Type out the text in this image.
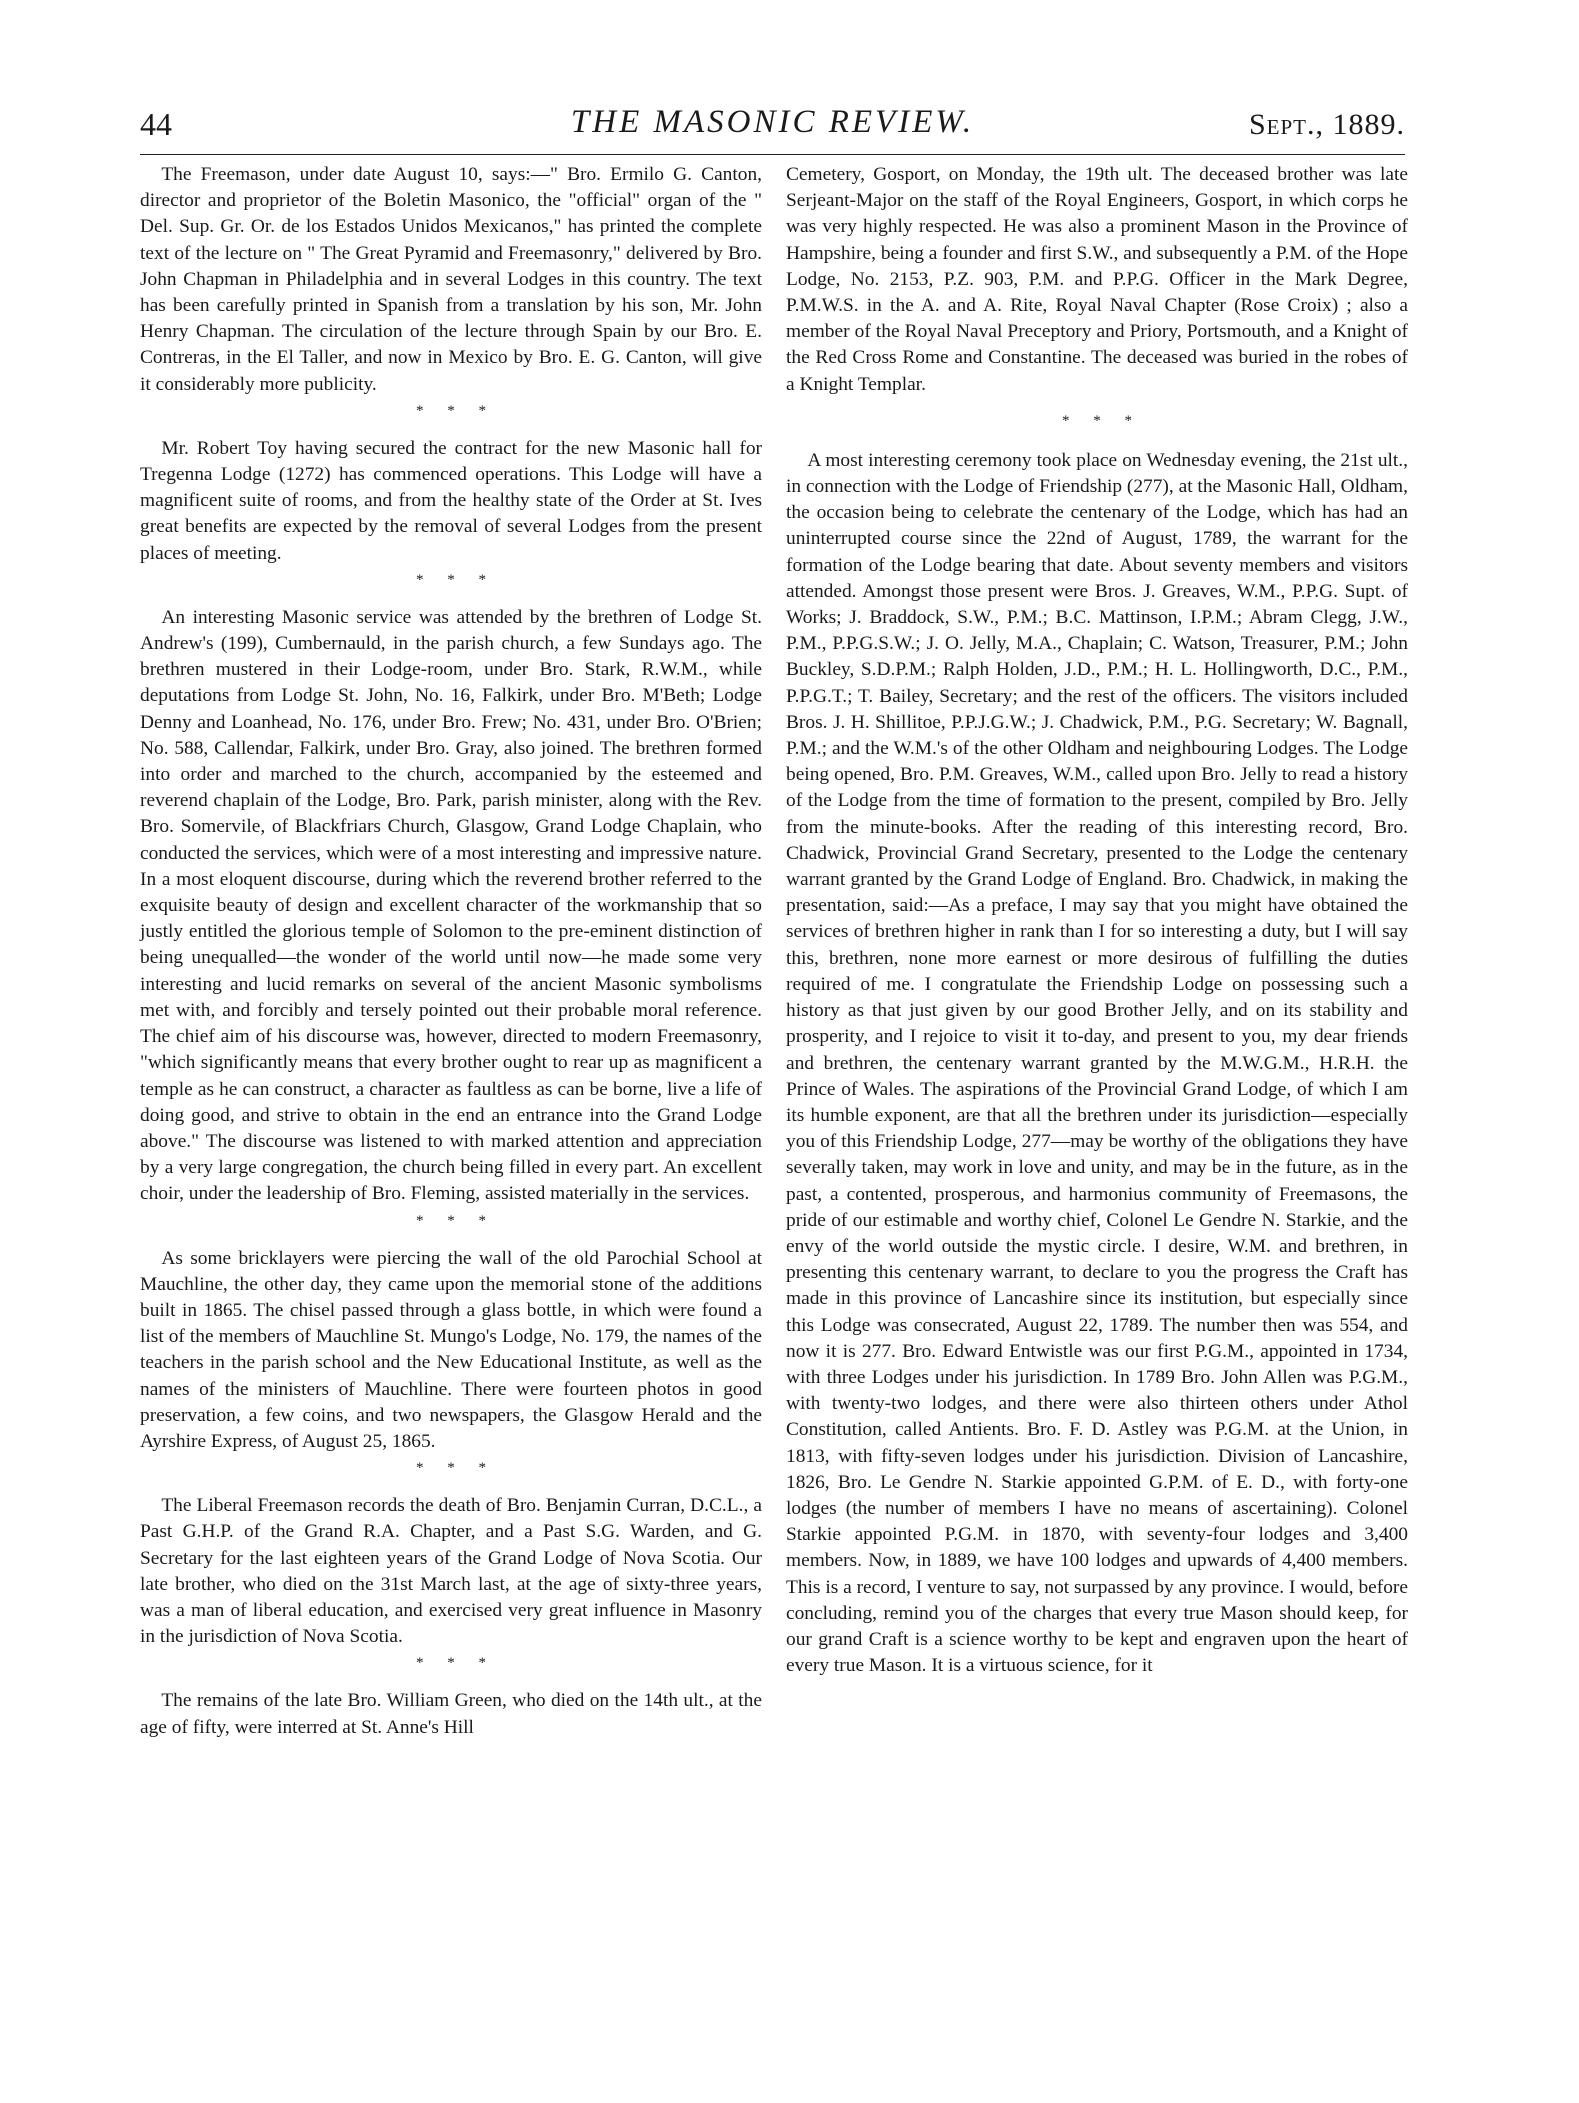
44	THE MASONIC REVIEW.	Sept., 1889.

The Freemason, under date August 10, says:—" Bro. Ermilo G. Canton, director and proprietor of the Boletin Masonico, the "official" organ of the " Del. Sup. Gr. Or. de los Estados Unidos Mexicanos," has printed the complete text of the lecture on " The Great Pyramid and Freemasonry," delivered by Bro. John Chapman in Philadelphia and in several Lodges in this country. The text has been carefully printed in Spanish from a translation by his son, Mr. John Henry Chapman. The circulation of the lecture through Spain by our Bro. E. Contreras, in the El Taller, and now in Mexico by Bro. E. G. Canton, will give it considerably more publicity.

* * *

Mr. Robert Toy having secured the contract for the new Masonic hall for Tregenna Lodge (1272) has commenced operations. This Lodge will have a magnificent suite of rooms, and from the healthy state of the Order at St. Ives great benefits are expected by the removal of several Lodges from the present places of meeting.

* * *

An interesting Masonic service was attended by the brethren of Lodge St. Andrew's (199), Cumbernauld, in the parish church, a few Sundays ago. The brethren mustered in their Lodge-room, under Bro. Stark, R.W.M., while deputations from Lodge St. John, No. 16, Falkirk, under Bro. M'Beth; Lodge Denny and Loanhead, No. 176, under Bro. Frew; No. 431, under Bro. O'Brien; No. 588, Callendar, Falkirk, under Bro. Gray, also joined. The brethren formed into order and marched to the church, accompanied by the esteemed and reverend chaplain of the Lodge, Bro. Park, parish minister, along with the Rev. Bro. Somervile, of Blackfriars Church, Glasgow, Grand Lodge Chaplain, who conducted the services, which were of a most interesting and impressive nature. In a most eloquent discourse, during which the reverend brother referred to the exquisite beauty of design and excellent character of the workmanship that so justly entitled the glorious temple of Solomon to the pre-eminent distinction of being unequalled—the wonder of the world until now—he made some very interesting and lucid remarks on several of the ancient Masonic symbolisms met with, and forcibly and tersely pointed out their probable moral reference. The chief aim of his discourse was, however, directed to modern Freemasonry, "which significantly means that every brother ought to rear up as magnificent a temple as he can construct, a character as faultless as can be borne, live a life of doing good, and strive to obtain in the end an entrance into the Grand Lodge above." The discourse was listened to with marked attention and appreciation by a very large congregation, the church being filled in every part. An excellent choir, under the leadership of Bro. Fleming, assisted materially in the services.

* * *

As some bricklayers were piercing the wall of the old Parochial School at Mauchline, the other day, they came upon the memorial stone of the additions built in 1865. The chisel passed through a glass bottle, in which were found a list of the members of Mauchline St. Mungo's Lodge, No. 179, the names of the teachers in the parish school and the New Educational Institute, as well as the names of the ministers of Mauchline. There were fourteen photos in good preservation, a few coins, and two newspapers, the Glasgow Herald and the Ayrshire Express, of August 25, 1865.

* * *

The Liberal Freemason records the death of Bro. Benjamin Curran, D.C.L., a Past G.H.P. of the Grand R.A. Chapter, and a Past S.G. Warden, and G. Secretary for the last eighteen years of the Grand Lodge of Nova Scotia. Our late brother, who died on the 31st March last, at the age of sixty-three years, was a man of liberal education, and exercised very great influence in Masonry in the jurisdiction of Nova Scotia.

* * *

The remains of the late Bro. William Green, who died on the 14th ult., at the age of fifty, were interred at St. Anne's Hill

Cemetery, Gosport, on Monday, the 19th ult. The deceased brother was late Serjeant-Major on the staff of the Royal Engineers, Gosport, in which corps he was very highly respected. He was also a prominent Mason in the Province of Hampshire, being a founder and first S.W., and subsequently a P.M. of the Hope Lodge, No. 2153, P.Z. 903, P.M. and P.P.G. Officer in the Mark Degree, P.M.W.S. in the A. and A. Rite, Royal Naval Chapter (Rose Croix) ; also a member of the Royal Naval Preceptory and Priory, Portsmouth, and a Knight of the Red Cross Rome and Constantine. The deceased was buried in the robes of a Knight Templar.

* * *

A most interesting ceremony took place on Wednesday evening, the 21st ult., in connection with the Lodge of Friendship (277), at the Masonic Hall, Oldham, the occasion being to celebrate the centenary of the Lodge, which has had an uninterrupted course since the 22nd of August, 1789, the warrant for the formation of the Lodge bearing that date. About seventy members and visitors attended. Amongst those present were Bros. J. Greaves, W.M., P.P.G. Supt. of Works; J. Braddock, S.W., P.M.; B.C. Mattinson, I.P.M.; Abram Clegg, J.W., P.M., P.P.G.S.W.; J. O. Jelly, M.A., Chaplain; C. Watson, Treasurer, P.M.; John Buckley, S.D.P.M.; Ralph Holden, J.D., P.M.; H. L. Hollingworth, D.C., P.M., P.P.G.T.; T. Bailey, Secretary; and the rest of the officers. The visitors included Bros. J. H. Shillitoe, P.P.J.G.W.; J. Chadwick, P.M., P.G. Secretary; W. Bagnall, P.M.; and the W.M.'s of the other Oldham and neighbouring Lodges. The Lodge being opened, Bro. P.M. Greaves, W.M., called upon Bro. Jelly to read a history of the Lodge from the time of formation to the present, compiled by Bro. Jelly from the minute-books. After the reading of this interesting record, Bro. Chadwick, Provincial Grand Secretary, presented to the Lodge the centenary warrant granted by the Grand Lodge of England. Bro. Chadwick, in making the presentation, said:—As a preface, I may say that you might have obtained the services of brethren higher in rank than I for so interesting a duty, but I will say this, brethren, none more earnest or more desirous of fulfilling the duties required of me. I congratulate the Friendship Lodge on possessing such a history as that just given by our good Brother Jelly, and on its stability and prosperity, and I rejoice to visit it to-day, and present to you, my dear friends and brethren, the centenary warrant granted by the M.W.G.M., H.R.H. the Prince of Wales. The aspirations of the Provincial Grand Lodge, of which I am its humble exponent, are that all the brethren under its jurisdiction—especially you of this Friendship Lodge, 277—may be worthy of the obligations they have severally taken, may work in love and unity, and may be in the future, as in the past, a contented, prosperous, and harmonius community of Freemasons, the pride of our estimable and worthy chief, Colonel Le Gendre N. Starkie, and the envy of the world outside the mystic circle. I desire, W.M. and brethren, in presenting this centenary warrant, to declare to you the progress the Craft has made in this province of Lancashire since its institution, but especially since this Lodge was consecrated, August 22, 1789. The number then was 554, and now it is 277. Bro. Edward Entwistle was our first P.G.M., appointed in 1734, with three Lodges under his jurisdiction. In 1789 Bro. John Allen was P.G.M., with twenty-two lodges, and there were also thirteen others under Athol Constitution, called Antients. Bro. F. D. Astley was P.G.M. at the Union, in 1813, with fifty-seven lodges under his jurisdiction. Division of Lancashire, 1826, Bro. Le Gendre N. Starkie appointed G.P.M. of E. D., with forty-one lodges (the number of members I have no means of ascertaining). Colonel Starkie appointed P.G.M. in 1870, with seventy-four lodges and 3,400 members. Now, in 1889, we have 100 lodges and upwards of 4,400 members. This is a record, I venture to say, not surpassed by any province. I would, before concluding, remind you of the charges that every true Mason should keep, for our grand Craft is a science worthy to be kept and engraven upon the heart of every true Mason. It is a virtuous science, for it
